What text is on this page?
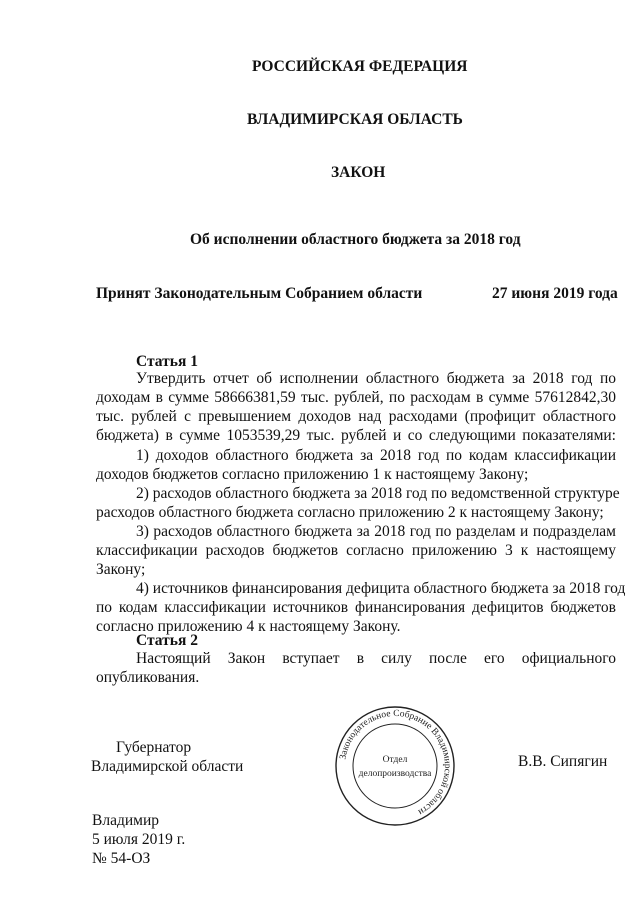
РОССИЙСКАЯ ФЕДЕРАЦИЯ
ВЛАДИМИРСКАЯ ОБЛАСТЬ
ЗАКОН
Об исполнении областного бюджета за 2018 год
Принят Законодательным Собранием области	27 июня 2019 года
Статья 1
Утвердить отчет об исполнении областного бюджета за 2018 год по
доходам в сумме 58666381,59 тыс. рублей, по расходам в сумме 57612842,30
тыс. рублей с превышением доходов над расходами (профицит областного
бюджета) в сумме 1053539,29 тыс. рублей и со следующими показателями:
1) доходов областного бюджета за 2018 год по кодам классификации
доходов бюджетов согласно приложению 1 к настоящему Закону;
2) расходов областного бюджета за 2018 год по ведомственной структуре
расходов областного бюджета согласно приложению 2 к настоящему Закону;
3) расходов областного бюджета за 2018 год по разделам и подразделам
классификации расходов бюджетов согласно приложению 3 к настоящему
Закону;
4) источников финансирования дефицита областного бюджета за 2018 год
по кодам классификации источников финансирования дефицитов бюджетов
согласно приложению 4 к настоящему Закону.
Статья 2
Настоящий Закон вступает в силу после его официального
опубликования.
Губернатор
Владимирской области	В.В. Сипягин
Законодательное Собрание Владимирской области
Отдел
делопроизводства
Владимир
5 июля 2019 г.
№ 54-ОЗ
